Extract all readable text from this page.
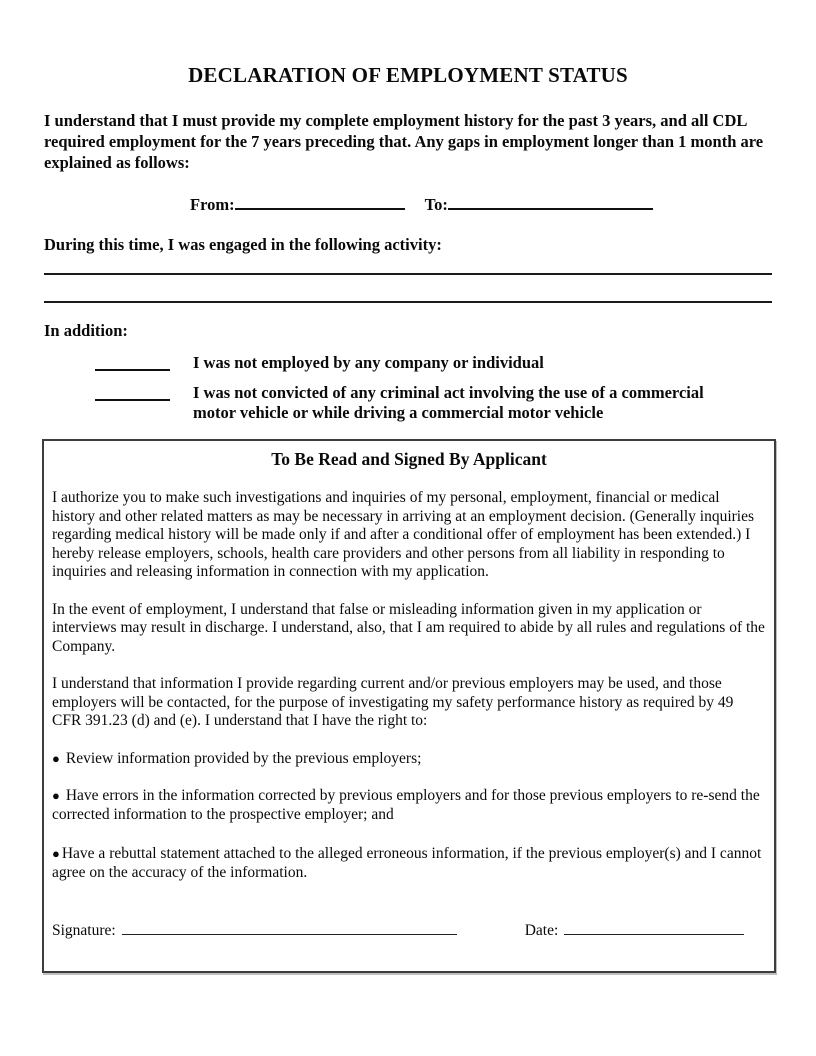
DECLARATION OF EMPLOYMENT STATUS

I understand that I must provide my complete employment history for the past 3 years, and all CDL required employment for the 7 years preceding that. Any gaps in employment longer than 1 month are explained as follows:

From:	To:

During this time, I was engaged in the following activity:

In addition:

I was not employed by any company or individual
I was not convicted of any criminal act involving the use of a commercial motor vehicle or while driving a commercial motor vehicle
To Be Read and Signed By Applicant

I authorize you to make such investigations and inquiries of my personal, employment, financial or medical history and other related matters as may be necessary in arriving at an employment decision. (Generally inquiries regarding medical history will be made only if and after a conditional offer of employment has been extended.) I hereby release employers, schools, health care providers and other persons from all liability in responding to inquiries and releasing information in connection with my application.

In the event of employment, I understand that false or misleading information given in my application or interviews may result in discharge. I understand, also, that I am required to abide by all rules and regulations of the Company.

I understand that information I provide regarding current and/or previous employers may be used, and those employers will be contacted, for the purpose of investigating my safety performance history as required by 49 CFR 391.23 (d) and (e). I understand that I have the right to:

● Review information provided by the previous employers;

● Have errors in the information corrected by previous employers and for those previous employers to re-send the corrected information to the prospective employer; and

● Have a rebuttal statement attached to the alleged erroneous information, if the previous employer(s) and I cannot agree on the accuracy of the information.

Signature:	Date:
